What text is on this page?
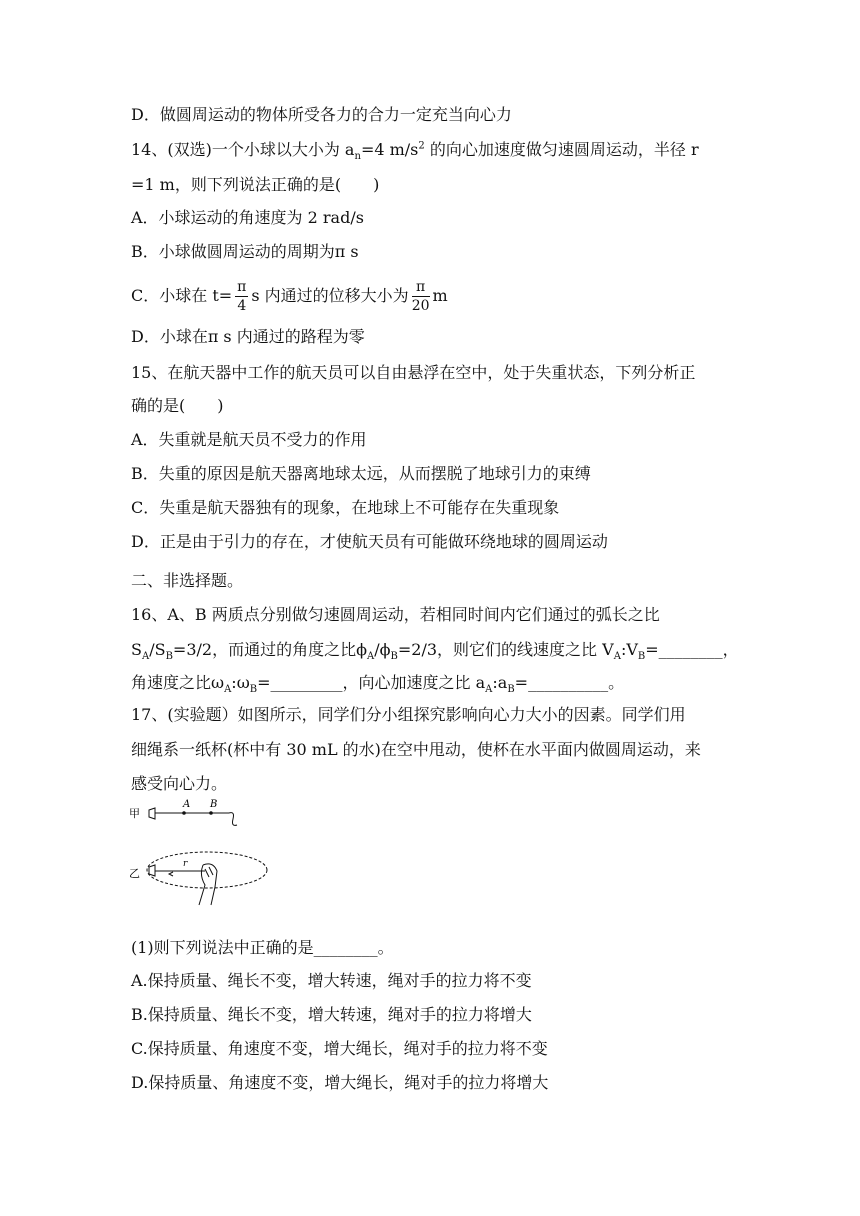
D．做圆周运动的物体所受各力的合力一定充当向心力
14、(双选)一个小球以大小为 $a_n=4$ $m/s^2$ 的向心加速度做匀速圆周运动，半径 r
=1 m，则下列说法正确的是(　　)
A．小球运动的角速度为 2 rad/s
B．小球做圆周运动的周期为π s
C．小球在 $t= \frac{\pi}{4}$ s 内通过的位移大小为 $\frac{\pi}{20}$ m
D．小球在π s 内通过的路程为零
15、在航天器中工作的航天员可以自由悬浮在空中，处于失重状态，下列分析正
确的是(　　)
A．失重就是航天员不受力的作用
B．失重的原因是航天器离地球太远，从而摆脱了地球引力的束缚
C．失重是航天器独有的现象，在地球上不可能存在失重现象
D．正是由于引力的存在，才使航天员有可能做环绕地球的圆周运动
二、非选择题。
16、A、B 两质点分别做匀速圆周运动，若相同时间内它们通过的弧长之比
$S_A/S_B=3/2$，而通过的角度之比$\phi_A/\phi_B=2/3$，则它们的线速度之比 $V_A:V_B=\_\_\_\_\_\_\_\_$，
角速度之比$\omega_A:\omega_B=\_\_\_\_\_\_\_\_\_$，向心加速度之比 $a_A:a_B=\_\_\_\_\_\_\_\_\_\_$。
17、(实验题）如图所示，同学们分小组探究影响向心力大小的因素。同学们用
细绳系一纸杯(杯中有 30 mL 的水)在空中甩动，使杯在水平面内做圆周运动，来
感受向心力。
甲
A B
乙
r
(1)则下列说法中正确的是________。
A.保持质量、绳长不变，增大转速，绳对手的拉力将不变
B.保持质量、绳长不变，增大转速，绳对手的拉力将增大
C.保持质量、角速度不变，增大绳长，绳对手的拉力将不变
D.保持质量、角速度不变，增大绳长，绳对手的拉力将增大
